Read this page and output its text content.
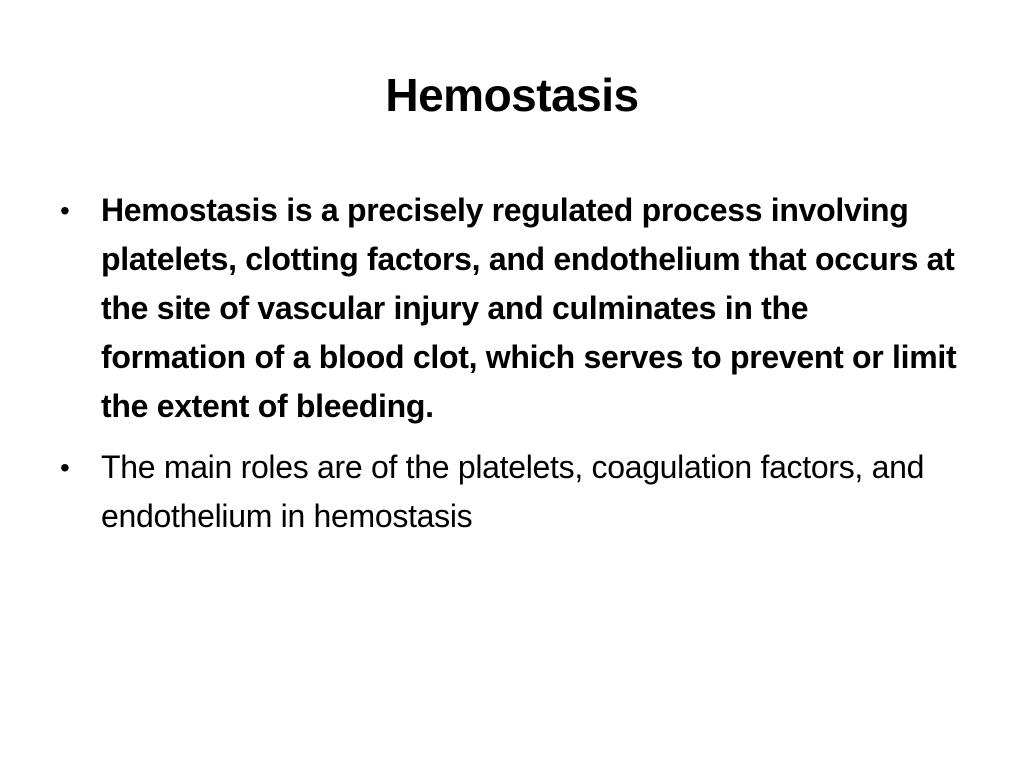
Hemostasis
• Hemostasis is a precisely regulated process involving platelets, clotting factors, and endothelium that occurs at the site of vascular injury and culminates in the formation of a blood clot, which serves to prevent or limit the extent of bleeding.
• The main roles are of the platelets, coagulation factors, and endothelium in hemostasis
